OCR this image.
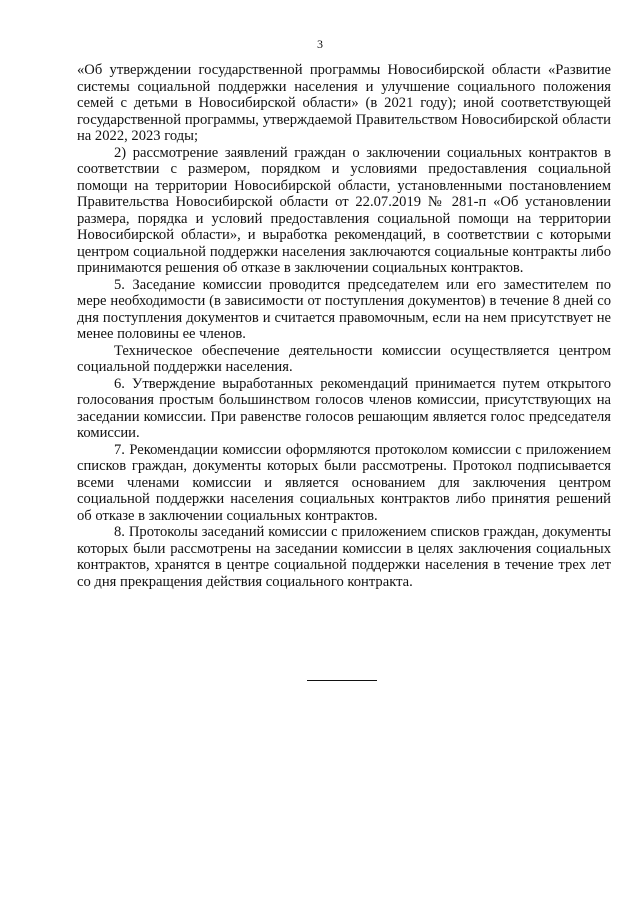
3

«Об утверждении государственной программы Новосибирской области «Развитие системы социальной поддержки населения и улучшение социального положения семей с детьми в Новосибирской области» (в 2021 году); иной соответствующей государственной программы, утверждаемой Правительством Новосибирской области на 2022, 2023 годы;

2) рассмотрение заявлений граждан о заключении социальных контрактов в соответствии с размером, порядком и условиями предоставления социальной помощи на территории Новосибирской области, установленными постановлением Правительства Новосибирской области от 22.07.2019 № 281-п «Об установлении размера, порядка и условий предоставления социальной помощи на территории Новосибирской области», и выработка рекомендаций, в соответствии с которыми центром социальной поддержки населения заключаются социальные контракты либо принимаются решения об отказе в заключении социальных контрактов.

5. Заседание комиссии проводится председателем или его заместителем по мере необходимости (в зависимости от поступления документов) в течение 8 дней со дня поступления документов и считается правомочным, если на нем присутствует не менее половины ее членов.

Техническое обеспечение деятельности комиссии осуществляется центром социальной поддержки населения.

6. Утверждение выработанных рекомендаций принимается путем открытого голосования простым большинством голосов членов комиссии, присутствующих на заседании комиссии. При равенстве голосов решающим является голос председателя комиссии.

7. Рекомендации комиссии оформляются протоколом комиссии с приложением списков граждан, документы которых были рассмотрены. Протокол подписывается всеми членами комиссии и является основанием для заключения центром социальной поддержки населения социальных контрактов либо принятия решений об отказе в заключении социальных контрактов.

8. Протоколы заседаний комиссии с приложением списков граждан, документы которых были рассмотрены на заседании комиссии в целях заключения социальных контрактов, хранятся в центре социальной поддержки населения в течение трех лет со дня прекращения действия социального контракта.
